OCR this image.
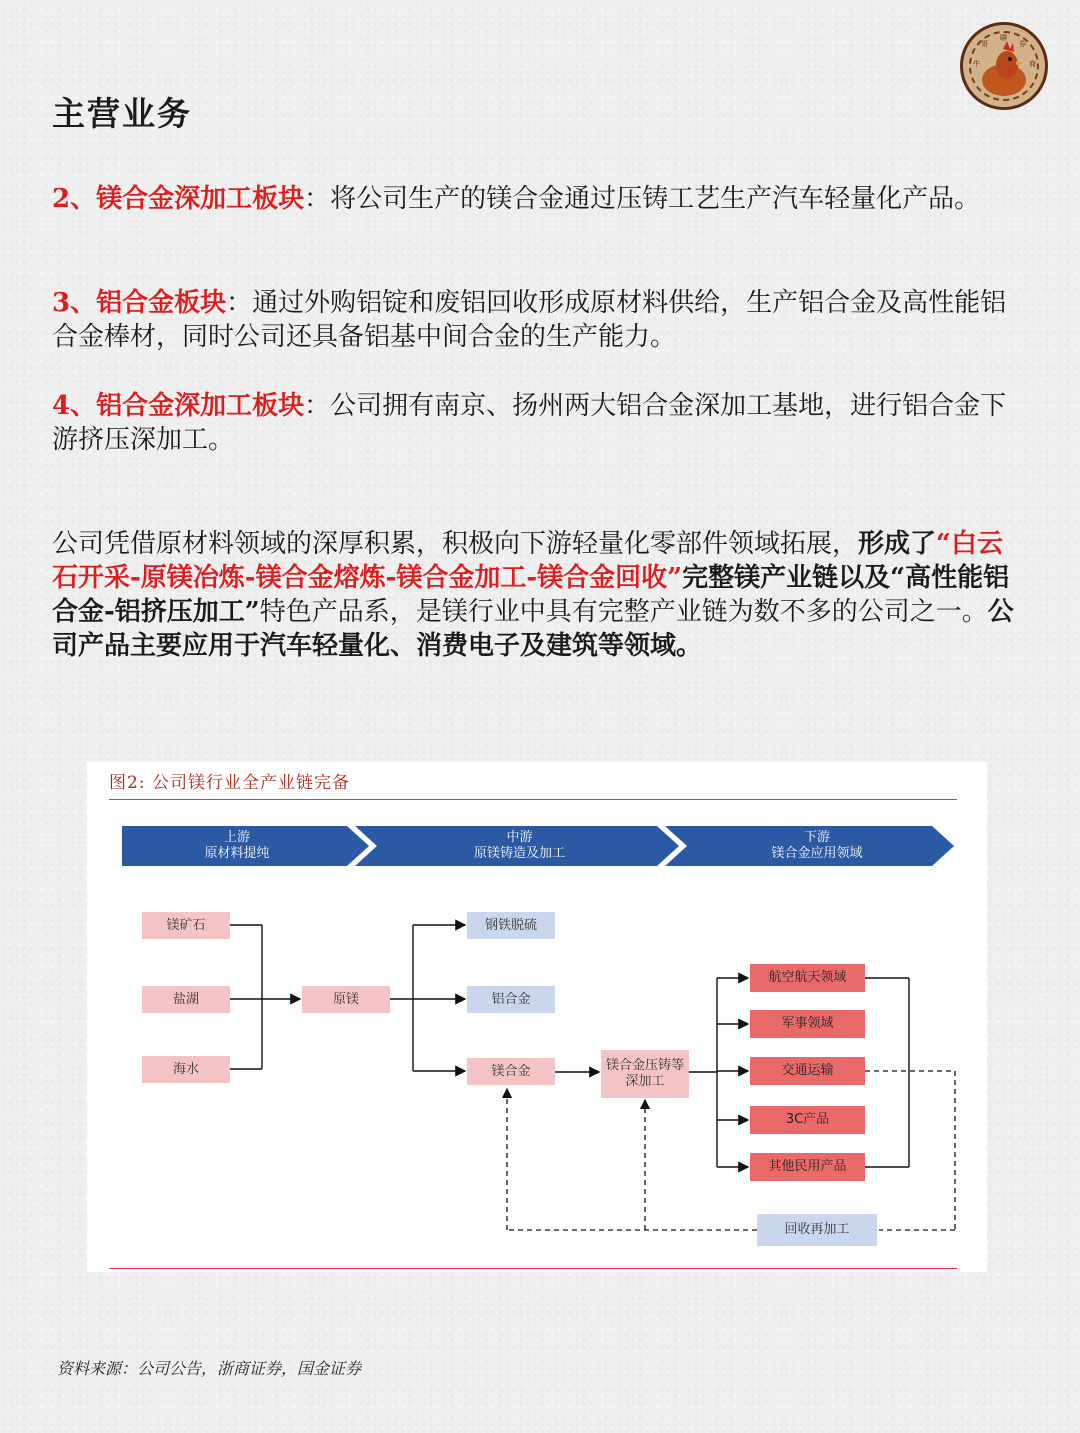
牛
哥
聊
券
商
主营业务

2、镁合金深加工板块：将公司生产的镁合金通过压铸工艺生产汽车轻量化产品。

3、铝合金板块：通过外购铝锭和废铝回收形成原材料供给，生产铝合金及高性能铝合金棒材，同时公司还具备铝基中间合金的生产能力。

4、铝合金深加工板块：公司拥有南京、扬州两大铝合金深加工基地，进行铝合金下游挤压深加工。

公司凭借原材料领域的深厚积累，积极向下游轻量化零部件领域拓展，形成了“白云石开采-原镁冶炼-镁合金熔炼-镁合金加工-镁合金回收”完整镁产业链以及“高性能铝合金-铝挤压加工”特色产品系，是镁行业中具有完整产业链为数不多的公司之一。公司产品主要应用于汽车轻量化、消费电子及建筑等领域。

图2: 公司镁行业全产业链完备
上游
原材料提纯
中游
原镁铸造及加工
下游
镁合金应用领域
镁矿石
盐湖
海水
原镁
钢铁脱硫
铝合金
镁合金	镁合金压铸等深加工
航空航天领域
军事领域
交通运输
3C产品
其他民用产品
回收再加工
资料来源：公司公告，浙商证券，国金证券
